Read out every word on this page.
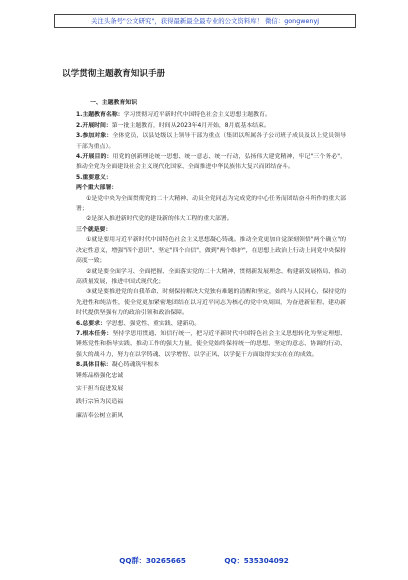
关注头条号"公文研究"，获得最新最全最专业的公文资料库！ 微信：gongwenyj
以学贯彻主题教育知识手册
一、主题教育知识

1.主题教育名称：学习贯彻习近平新时代中国特色社会主义思想主题教育。

2.开展时间：第一批主题教育，时间从2023年4月开始，8月底基本结束。

3.参加对象：全体党员，以县处级以上领导干部为重点（集团以所属各子公司班子成员及以上党员领导干部为重点）。

4.开展目的：用党的创新理论统一思想、统一意志、统一行动，弘扬伟大建党精神，牢记"三个务必"，推动全党为全面建设社会主义现代化国家、全面推进中华民族伟大复兴而团结奋斗。

5.重要意义：

两个重大部署：

①是党中央为全面贯彻党的二十大精神、动员全党同志为完成党的中心任务而团结奋斗所作的重大部署；

②是深入推进新时代党的建设新的伟大工程的重大部署。

三个就是要：

①就是要用习近平新时代中国特色社会主义思想凝心铸魂。推动全党更加自觉深刻领悟"两个确立"的决定性意义，增强"四个意识"、坚定"四个自信"，做到"两个维护"，在思想上政治上行动上同党中央保持高度一致；

②就是要全面学习、全面把握、全面落实党的二十大精神，贯彻新发展理念、构建新发展格局、推动高质量发展，推进中国式现代化；

③就是要推进党的自我革命、时刻保持解决大党独有难题的清醒和坚定，始终与人民同心，保持党的先进性和纯洁性，使全党更加紧密地团结在以习近平同志为核心的党中央周围，为奋进新征程、建功新时代提供坚强有力的政治引领和政治保障。

6.总要求：学思想、强党性、重实践、建新功。

7.根本任务：坚持学思用贯通、知信行统一，把习近平新时代中国特色社会主义思想转化为坚定理想、锤炼党性和指导实践、推动工作的强大力量，使全党始终保持统一的思想、坚定的意志、协调的行动、强大的战斗力，努力在以学铸魂、以学增智、以学正风、以学促干方面取得实实在在的成效。

8.具体目标：凝心铸魂筑牢根本

锤炼品格强化忠诚

实干担当促进发展

践行宗旨为民造福

廉洁奉公树立新风

QQ群：30265665	QQ：535304092
